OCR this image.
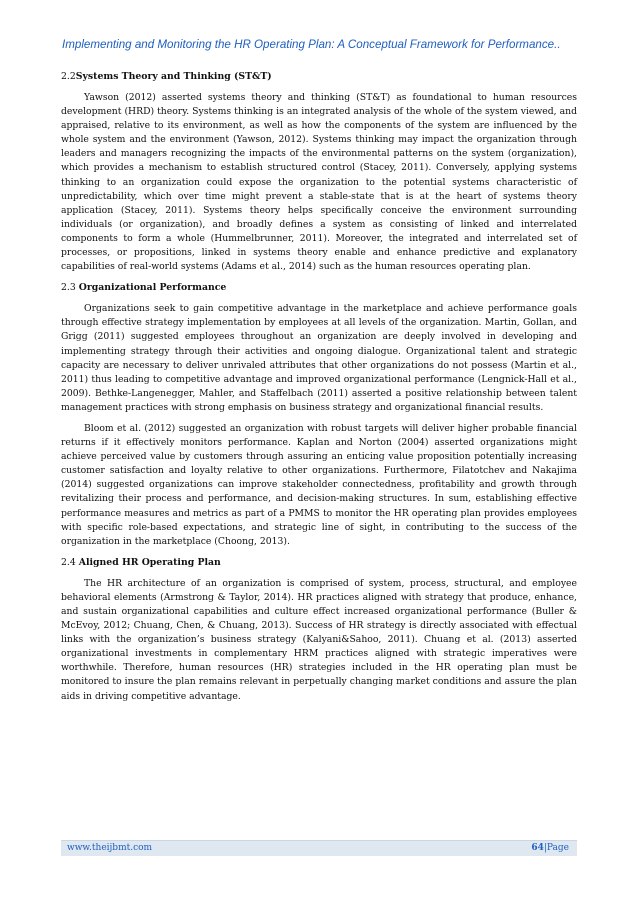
Implementing and Monitoring the HR Operating Plan: A Conceptual Framework for Performance..
2.2Systems Theory and Thinking (ST&T)

Yawson (2012) asserted systems theory and thinking (ST&T) as foundational to human resources development (HRD) theory. Systems thinking is an integrated analysis of the whole of the system viewed, and appraised, relative to its environment, as well as how the components of the system are influenced by the whole system and the environment (Yawson, 2012). Systems thinking may impact the organization through leaders and managers recognizing the impacts of the environmental patterns on the system (organization), which provides a mechanism to establish structured control (Stacey, 2011). Conversely, applying systems thinking to an organization could expose the organization to the potential systems characteristic of unpredictability, which over time might prevent a stable-state that is at the heart of systems theory application (Stacey, 2011). Systems theory helps specifically conceive the environment surrounding individuals (or organization), and broadly defines a system as consisting of linked and interrelated components to form a whole (Hummelbrunner, 2011). Moreover, the integrated and interrelated set of processes, or propositions, linked in systems theory enable and enhance predictive and explanatory capabilities of real-world systems (Adams et al., 2014) such as the human resources operating plan.

2.3 Organizational Performance

Organizations seek to gain competitive advantage in the marketplace and achieve performance goals through effective strategy implementation by employees at all levels of the organization. Martin, Gollan, and Grigg (2011) suggested employees throughout an organization are deeply involved in developing and implementing strategy through their activities and ongoing dialogue. Organizational talent and strategic capacity are necessary to deliver unrivaled attributes that other organizations do not possess (Martin et al., 2011) thus leading to competitive advantage and improved organizational performance (Lengnick-Hall et al., 2009). Bethke-Langenegger, Mahler, and Staffelbach (2011) asserted a positive relationship between talent management practices with strong emphasis on business strategy and organizational financial results.

Bloom et al. (2012) suggested an organization with robust targets will deliver higher probable financial returns if it effectively monitors performance. Kaplan and Norton (2004) asserted organizations might achieve perceived value by customers through assuring an enticing value proposition potentially increasing customer satisfaction and loyalty relative to other organizations. Furthermore, Filatotchev and Nakajima (2014) suggested organizations can improve stakeholder connectedness, profitability and growth through revitalizing their process and performance, and decision-making structures. In sum, establishing effective performance measures and metrics as part of a PMMS to monitor the HR operating plan provides employees with specific role-based expectations, and strategic line of sight, in contributing to the success of the organization in the marketplace (Choong, 2013).

2.4 Aligned HR Operating Plan

The HR architecture of an organization is comprised of system, process, structural, and employee behavioral elements (Armstrong & Taylor, 2014). HR practices aligned with strategy that produce, enhance, and sustain organizational capabilities and culture effect increased organizational performance (Buller & McEvoy, 2012; Chuang, Chen, & Chuang, 2013). Success of HR strategy is directly associated with effectual links with the organization’s business strategy (Kalyani&Sahoo, 2011). Chuang et al. (2013) asserted organizational investments in complementary HRM practices aligned with strategic imperatives were worthwhile. Therefore, human resources (HR) strategies included in the HR operating plan must be monitored to insure the plan remains relevant in perpetually changing market conditions and assure the plan aids in driving competitive advantage.

www.theijbmt.com	64|Page
